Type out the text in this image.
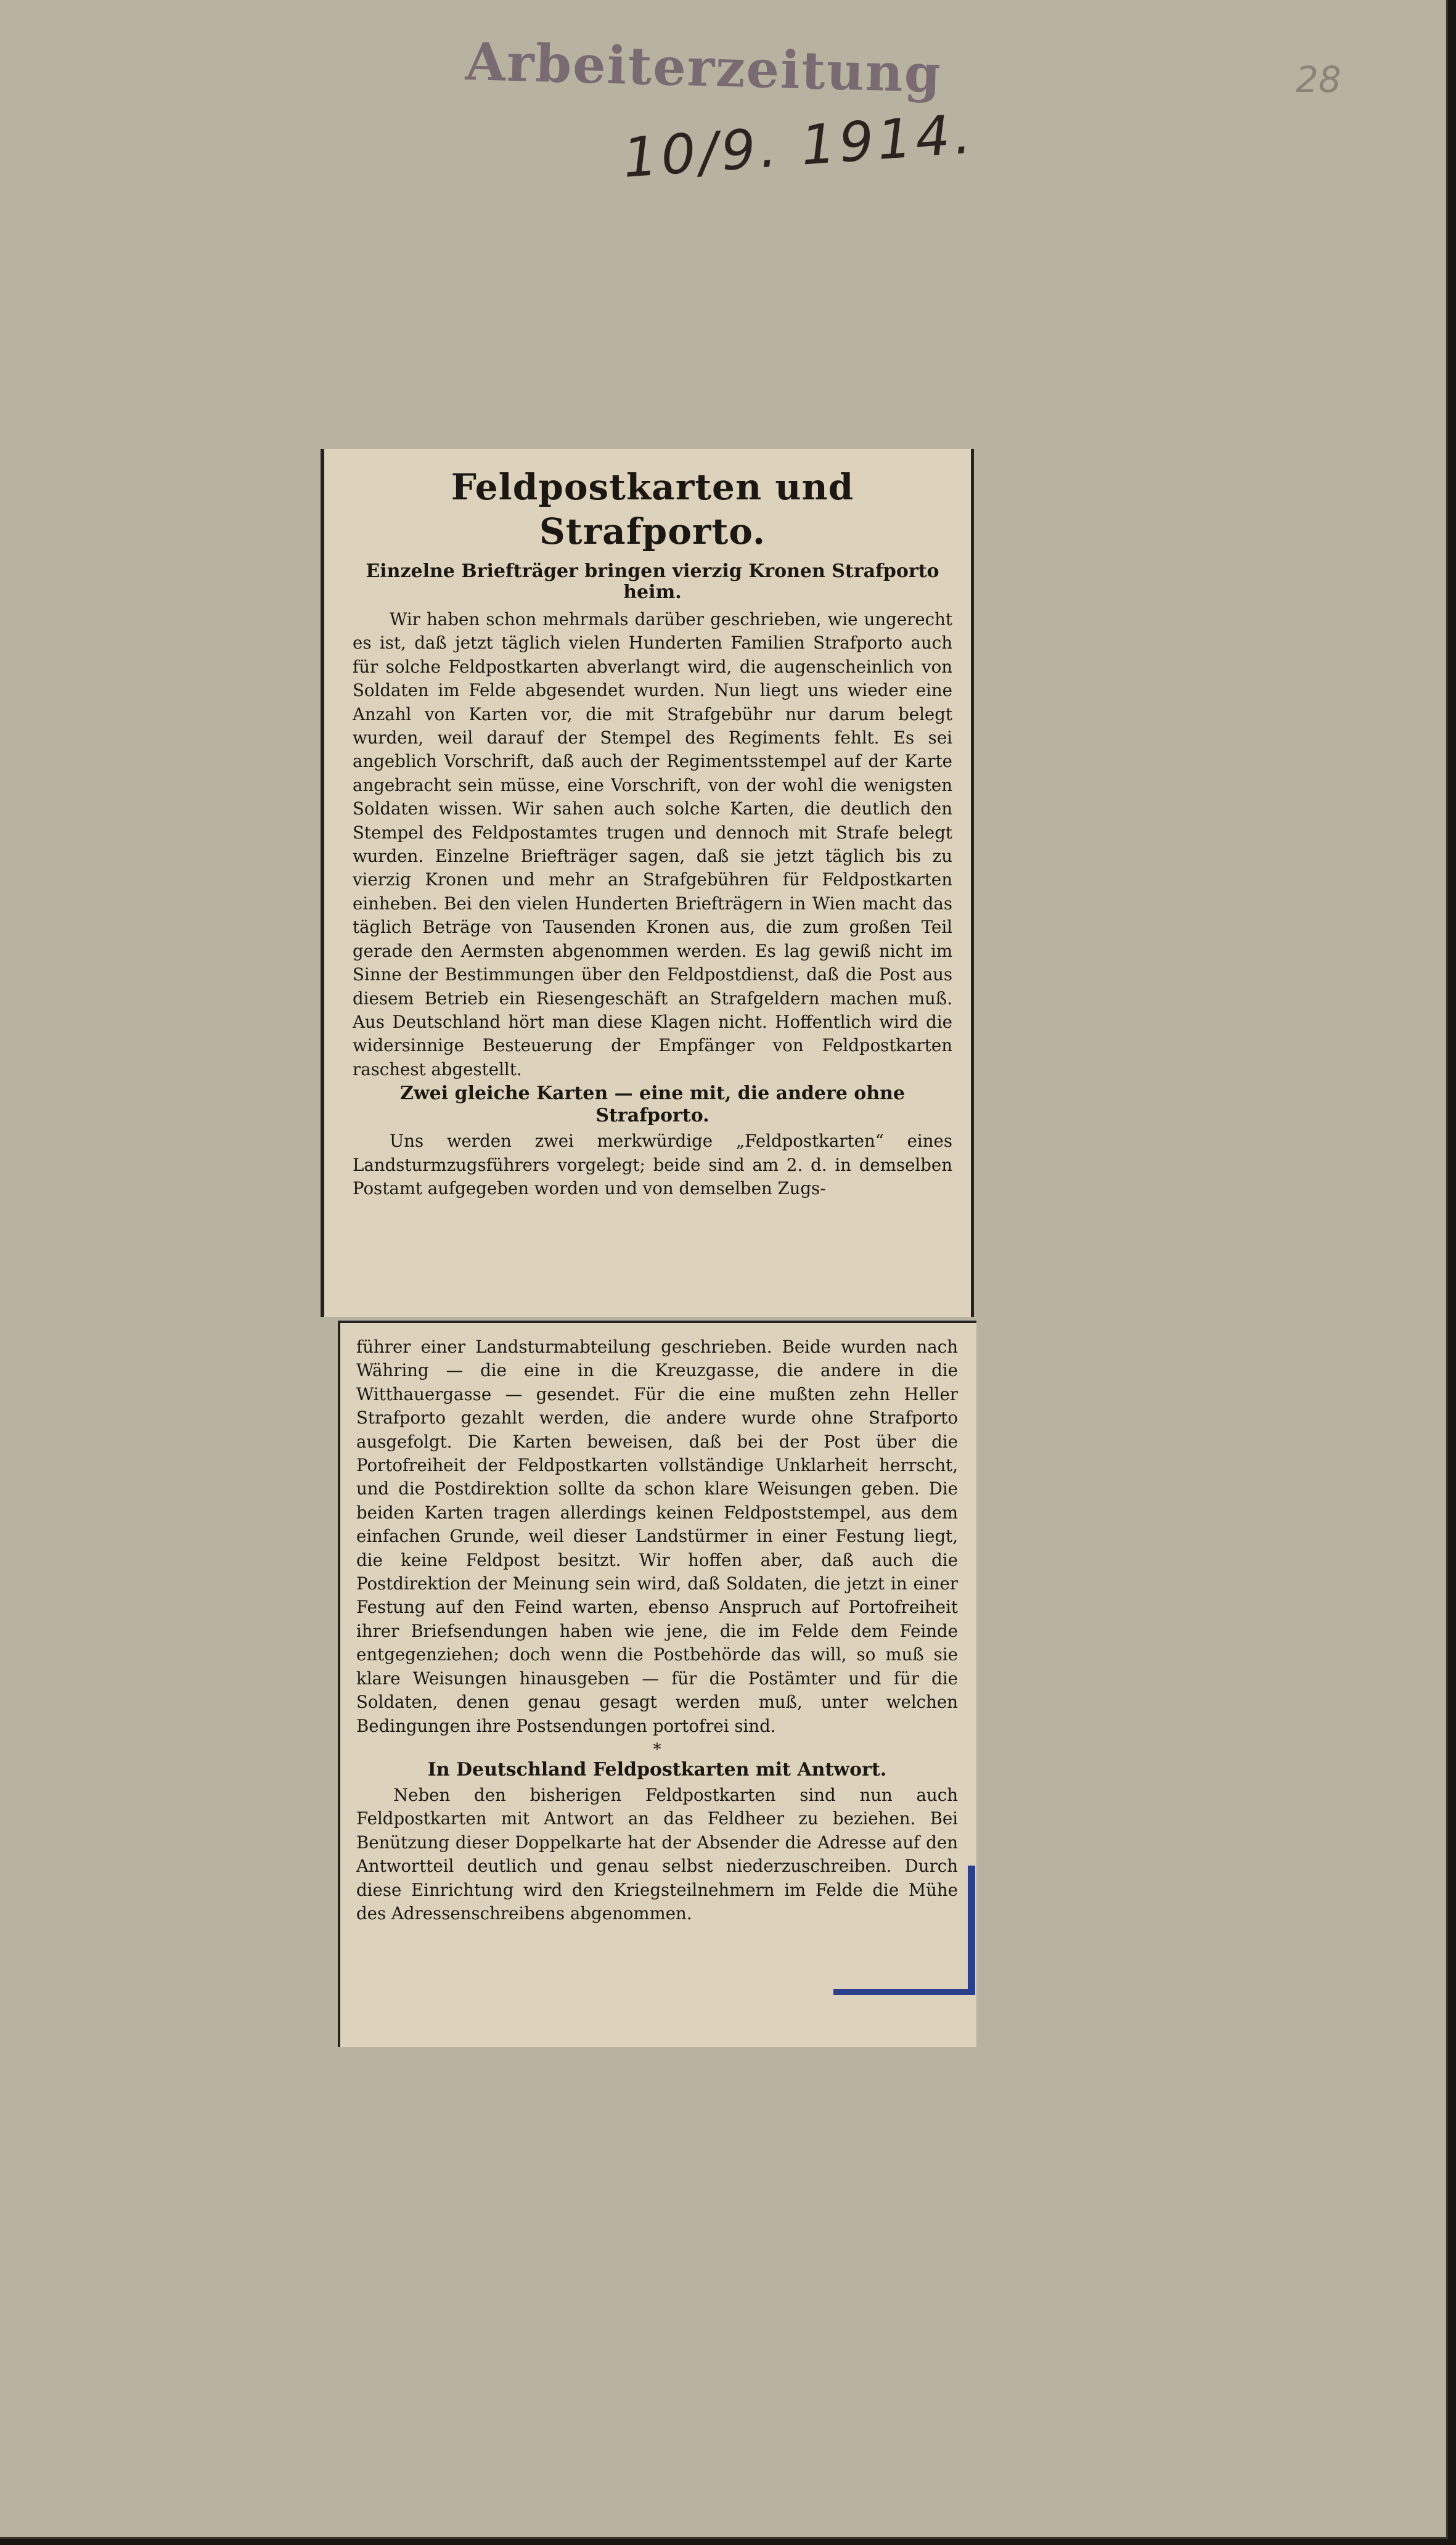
Arbeiterzeitung
10/9. 1914.
28
Feldpostkarten und Strafporto.
Einzelne Briefträger bringen vierzig Kronen Strafporto heim.

Wir haben schon mehrmals darüber geschrieben, wie ungerecht es ist, daß jetzt täglich vielen Hunderten Familien Strafporto auch für solche Feldpostkarten abverlangt wird, die augenscheinlich von Soldaten im Felde abgesendet wurden. Nun liegt uns wieder eine Anzahl von Karten vor, die mit Strafgebühr nur darum belegt wurden, weil darauf der Stempel des Regiments fehlt. Es sei angeblich Vorschrift, daß auch der Regimentsstempel auf der Karte angebracht sein müsse, eine Vorschrift, von der wohl die wenigsten Soldaten wissen. Wir sahen auch solche Karten, die deutlich den Stempel des Feldpostamtes trugen und dennoch mit Strafe belegt wurden. Einzelne Briefträger sagen, daß sie jetzt täglich bis zu vierzig Kronen und mehr an Strafgebühren für Feldpostkarten einheben. Bei den vielen Hunderten Briefträgern in Wien macht das täglich Beträge von Tausenden Kronen aus, die zum großen Teil gerade den Aermsten abgenommen werden. Es lag gewiß nicht im Sinne der Bestimmungen über den Feldpostdienst, daß die Post aus diesem Betrieb ein Riesengeschäft an Strafgeldern machen muß. Aus Deutschland hört man diese Klagen nicht. Hoffentlich wird die widersinnige Besteuerung der Empfänger von Feldpostkarten raschest abgestellt.

Zwei gleiche Karten — eine mit, die andere ohne Strafporto.

Uns werden zwei merkwürdige „Feldpostkarten“ eines Landsturmzugsführers vorgelegt; beide sind am 2. d. in demselben Postamt aufgegeben worden und von demselben Zugs-

führer einer Landsturmabteilung geschrieben. Beide wurden nach Währing — die eine in die Kreuzgasse, die andere in die Witthauergasse — gesendet. Für die eine mußten zehn Heller Strafporto gezahlt werden, die andere wurde ohne Strafporto ausgefolgt. Die Karten beweisen, daß bei der Post über die Portofreiheit der Feldpostkarten vollständige Unklarheit herrscht, und die Postdirektion sollte da schon klare Weisungen geben. Die beiden Karten tragen allerdings keinen Feldpoststempel, aus dem einfachen Grunde, weil dieser Landstürmer in einer Festung liegt, die keine Feldpost besitzt. Wir hoffen aber, daß auch die Postdirektion der Meinung sein wird, daß Soldaten, die jetzt in einer Festung auf den Feind warten, ebenso Anspruch auf Portofreiheit ihrer Briefsendungen haben wie jene, die im Felde dem Feinde entgegenziehen; doch wenn die Postbehörde das will, so muß sie klare Weisungen hinausgeben — für die Postämter und für die Soldaten, denen genau gesagt werden muß, unter welchen Bedingungen ihre Postsendungen portofrei sind.

*
In Deutschland Feldpostkarten mit Antwort.

Neben den bisherigen Feldpostkarten sind nun auch Feldpostkarten mit Antwort an das Feldheer zu beziehen. Bei Benützung dieser Doppelkarte hat der Absender die Adresse auf den Antwortteil deutlich und genau selbst niederzuschreiben. Durch diese Einrichtung wird den Kriegsteilnehmern im Felde die Mühe des Adressenschreibens abgenommen.
